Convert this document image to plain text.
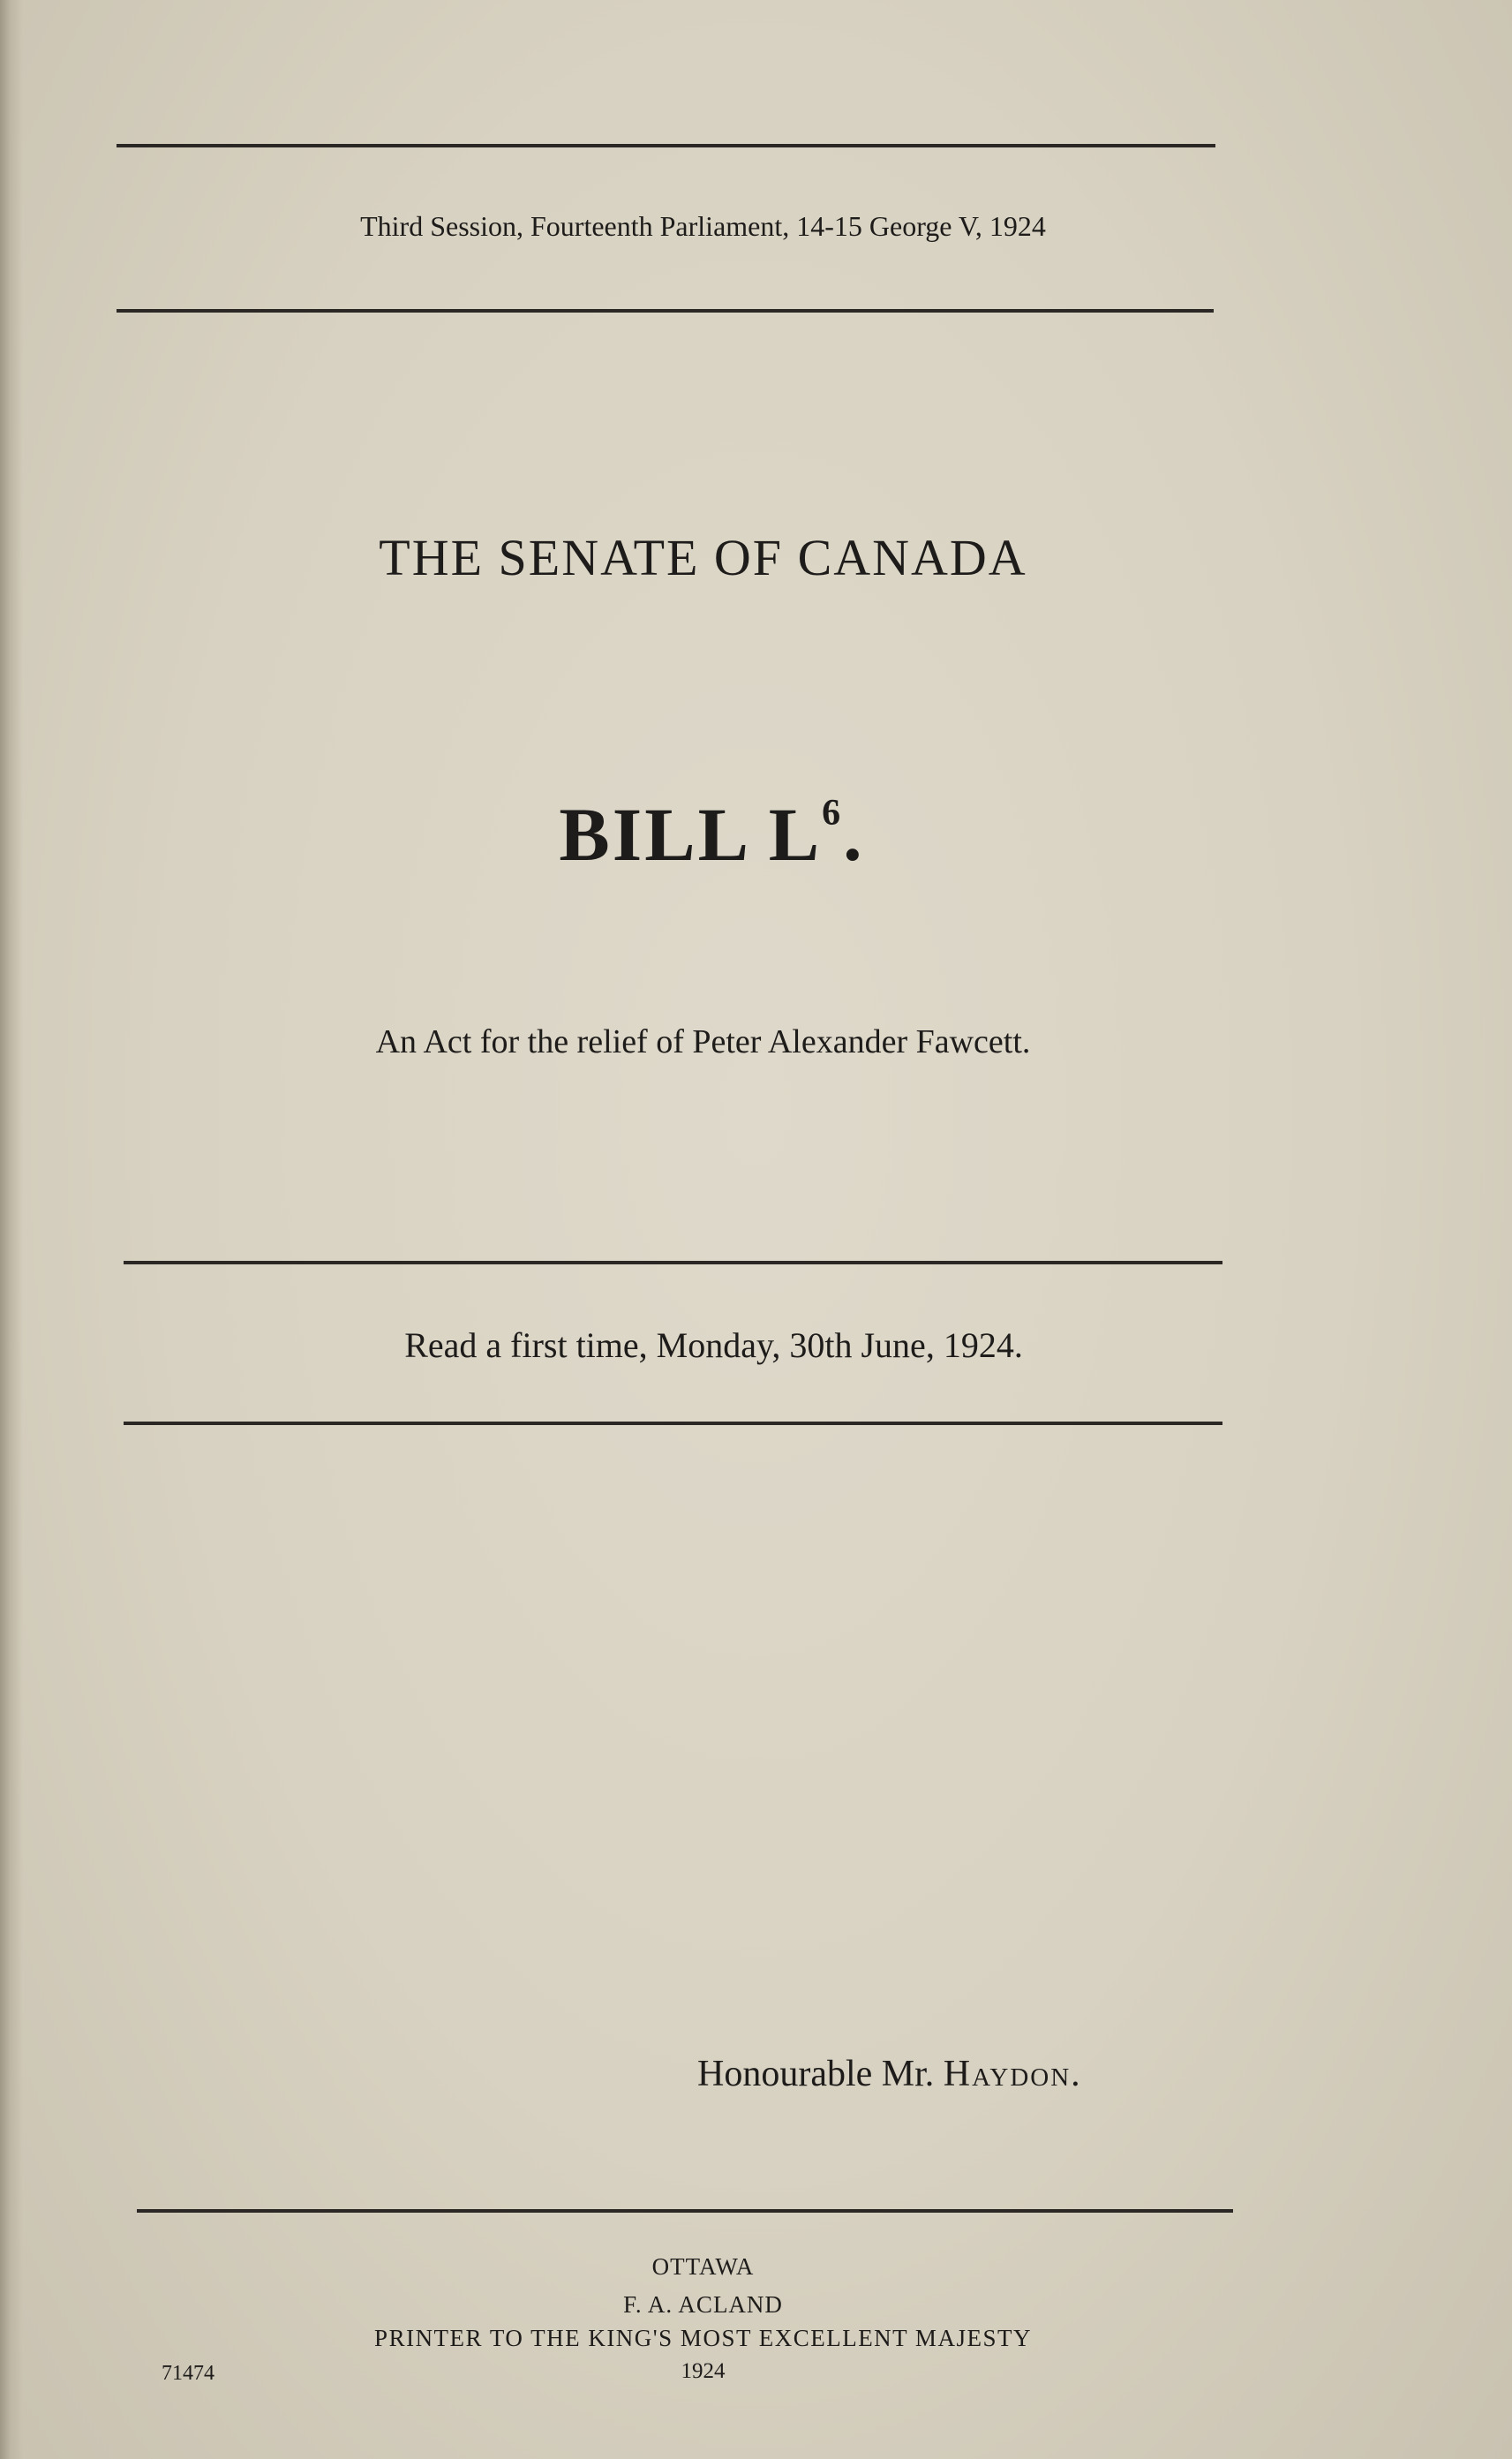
Third Session, Fourteenth Parliament, 14-15 George V, 1924
THE SENATE OF CANADA
BILL $L^6$.
An Act for the relief of Peter Alexander Fawcett.
Read a first time, Monday, 30th June, 1924.
Honourable Mr. Haydon.
OTTAWA
F. A. ACLAND
PRINTER TO THE KING'S MOST EXCELLENT MAJESTY
1924
71474
